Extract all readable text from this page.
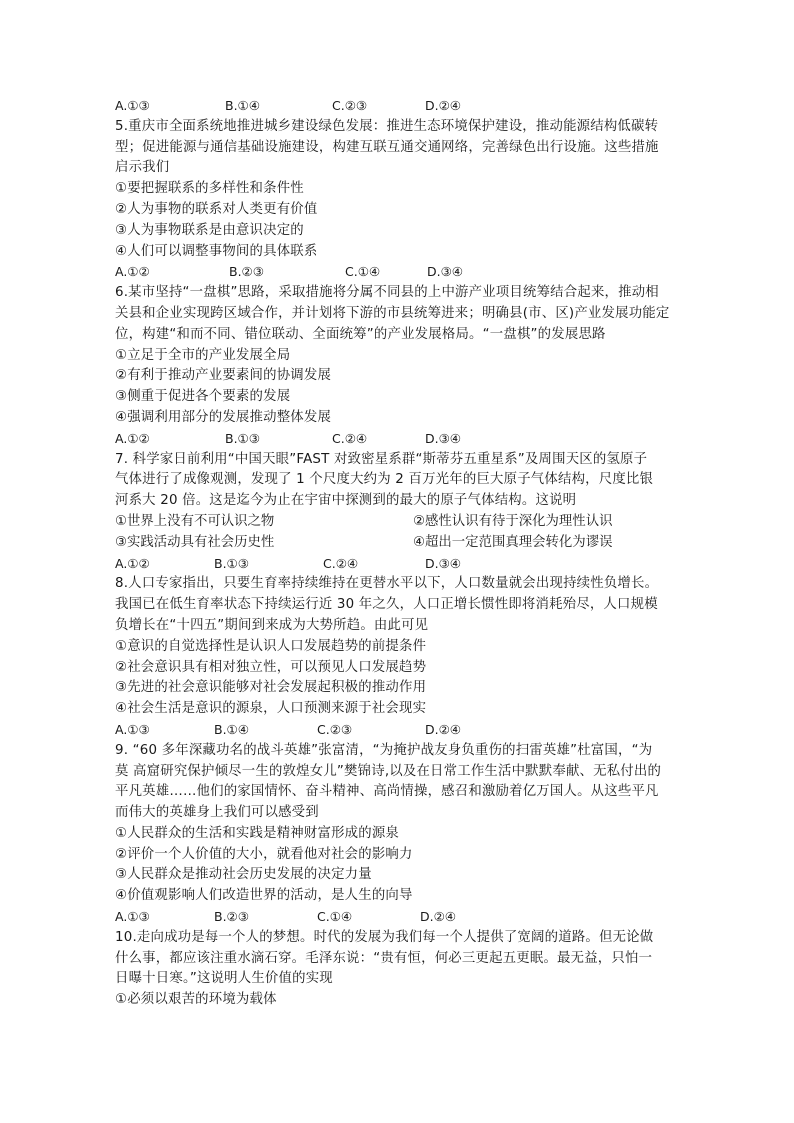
A.①③	B.①④	C.②③	D.②④
5.重庆市全面系统地推进城乡建设绿色发展：推进生态环境保护建设，推动能源结构低碳转
型；促进能源与通信基础设施建设，构建互联互通交通网络，完善绿色出行设施。这些措施
启示我们
①要把握联系的多样性和条件性
②人为事物的联系对人类更有价值
③人为事物联系是由意识决定的
④人们可以调整事物间的具体联系
A.①②	B.②③	C.①④	D.③④
6.某市坚持“一盘棋”思路，采取措施将分属不同县的上中游产业项目统筹结合起来，推动相
关县和企业实现跨区域合作，并计划将下游的市县统筹进来；明确县(市、区)产业发展功能定
位，构建“和而不同、错位联动、全面统筹”的产业发展格局。“一盘棋”的发展思路
①立足于全市的产业发展全局
②有利于推动产业要素间的协调发展
③侧重于促进各个要素的发展
④强调利用部分的发展推动整体发展
A.①②	B.①③	C.②④	D.③④
7. 科学家日前利用“中国天眼”FAST 对致密星系群“斯蒂芬五重星系”及周围天区的氢原子
气体进行了成像观测，发现了 1 个尺度大约为 2 百万光年的巨大原子气体结构，尺度比银
河系大 20 倍。这是迄今为止在宇宙中探测到的最大的原子气体结构。这说明
①世界上没有不可认识之物	②感性认识有待于深化为理性认识
③实践活动具有社会历史性	④超出一定范围真理会转化为谬误
A.①②	B.①③	C.②④	D.③④
8.人口专家指出，只要生育率持续维持在更替水平以下，人口数量就会出现持续性负增长。
我国已在低生育率状态下持续运行近 30 年之久，人口正增长惯性即将消耗殆尽，人口规模
负增长在“十四五”期间到来成为大势所趋。由此可见
①意识的自觉选择性是认识人口发展趋势的前提条件
②社会意识具有相对独立性，可以预见人口发展趋势
③先进的社会意识能够对社会发展起积极的推动作用
④社会生活是意识的源泉，人口预测来源于社会现实
A.①③	B.①④	C.②③	D.②④
9. “60 多年深藏功名的战斗英雄”张富清，“为掩护战友身负重伤的扫雷英雄”杜富国，“为
莫 高窟研究保护倾尽一生的敦煌女儿”樊锦诗,以及在日常工作生活中默默奉献、无私付出的
平凡英雄……他们的家国情怀、奋斗精神、高尚情操，感召和激励着亿万国人。从这些平凡
而伟大的英雄身上我们可以感受到
①人民群众的生活和实践是精神财富形成的源泉
②评价一个人价值的大小，就看他对社会的影响力
③人民群众是推动社会历史发展的决定力量
④价值观影响人们改造世界的活动，是人生的向导
A.①③	B.②③	C.①④	D.②④
10.走向成功是每一个人的梦想。时代的发展为我们每一个人提供了宽阔的道路。但无论做
什么事，都应该注重水滴石穿。毛泽东说：“贵有恒，何必三更起五更眠。最无益，只怕一
日曝十日寒。”这说明人生价值的实现
①必须以艰苦的环境为载体
